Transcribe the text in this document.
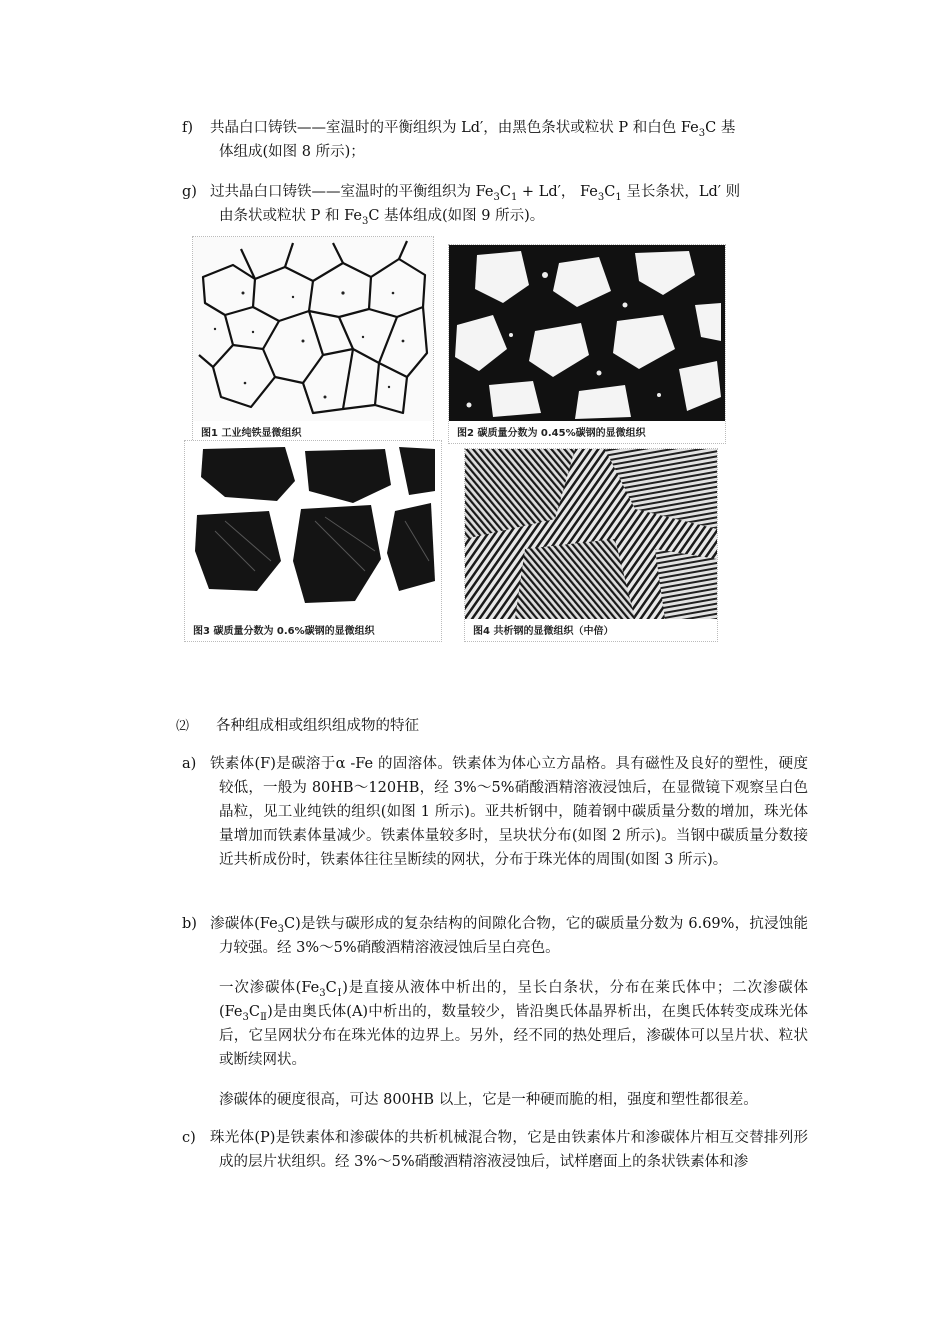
f)	共晶白口铸铁——室温时的平衡组织为 Ld′，由黑色条状或粒状 P 和白色 $Fe_3C$ 基
体组成(如图 8 所示)；
g) 过共晶白口铸铁——室温时的平衡组织为 $Fe_3C_1 + Ld'$， $Fe_3C_1$ 呈长条状，Ld′ 则
由条状或粒状 P 和 $Fe_3C$ 基体组成(如图 9 所示)。
图1 工业纯铁显微组织	图2 碳质量分数为 0.45%碳钢的显微组织
图3 碳质量分数为 0.6%碳钢的显微组织	图4 共析钢的显微组织（中倍）
⑵ 各种组成相或组织组成物的特征
a) 铁素体(F)是碳溶于α -Fe 的固溶体。铁素体为体心立方晶格。具有磁性及良好的塑性，硬度较低，一般为 80HB～120HB，经 3%～5%硝酸酒精溶液浸蚀后，在显微镜下观察呈白色晶粒，见工业纯铁的组织(如图 1 所示)。亚共析钢中，随着钢中碳质量分数的增加，珠光体量增加而铁素体量减少。铁素体量较多时，呈块状分布(如图 2 所示)。当钢中碳质量分数接近共析成份时，铁素体往往呈断续的网状，分布于珠光体的周围(如图 3 所示)。
b) 渗碳体$(Fe_3C)$是铁与碳形成的复杂结构的间隙化合物，它的碳质量分数为 6.69%，抗浸蚀能力较强。经 3%～5%硝酸酒精溶液浸蚀后呈白亮色。
一次渗碳体$(Fe_3C_Ⅰ)$是直接从液体中析出的，呈长白条状，分布在莱氏体中；二次渗碳体$(Fe_3C_Ⅱ)$是由奥氏体(A)中析出的，数量较少，皆沿奥氏体晶界析出，在奥氏体转变成珠光体后，它呈网状分布在珠光体的边界上。另外，经不同的热处理后，渗碳体可以呈片状、粒状或断续网状。
渗碳体的硬度很高，可达 800HB 以上，它是一种硬而脆的相，强度和塑性都很差。
c) 珠光体(P)是铁素体和渗碳体的共析机械混合物，它是由铁素体片和渗碳体片相互交替排列形成的层片状组织。经 3%～5%硝酸酒精溶液浸蚀后，试样磨面上的条状铁素体和渗
